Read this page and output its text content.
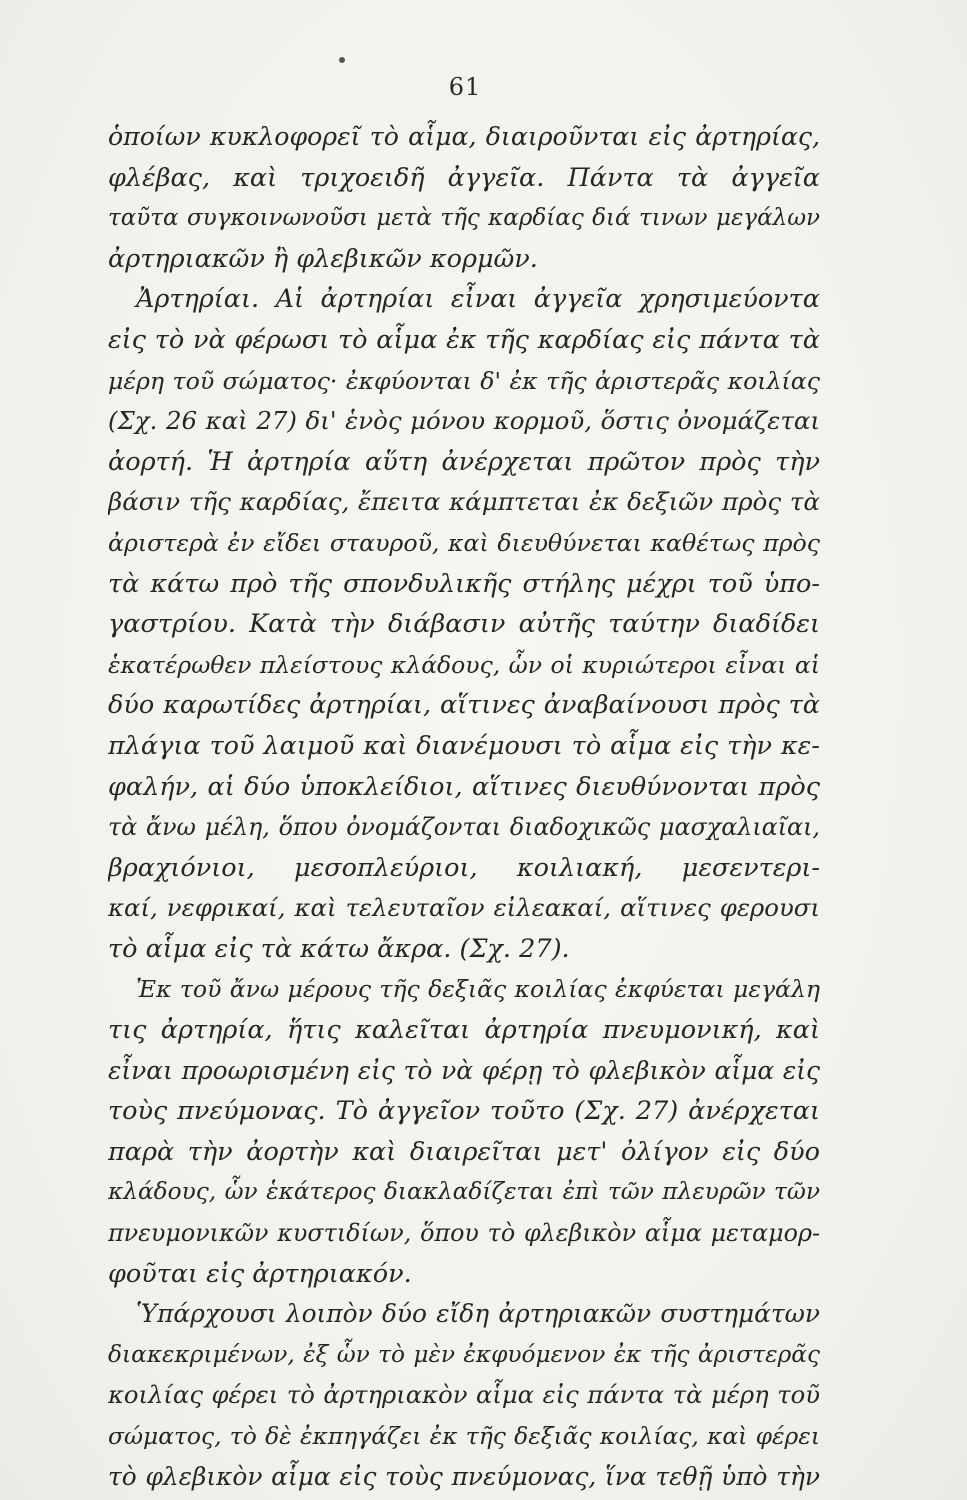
61
ὁποίων κυκλοφορεῖ τὸ αἷμα, διαιροῦνται εἰς ἀρτηρίας,
φλέβας, καὶ τριχοειδῆ ἀγγεῖα. Πάντα τὰ ἀγγεῖα
ταῦτα συγκοινωνοῦσι μετὰ τῆς καρδίας διά τινων μεγάλων
ἀρτηριακῶν ἢ φλεβικῶν κορμῶν.
Ἀρτηρίαι. Αἱ ἀρτηρίαι εἶναι ἀγγεῖα χρησιμεύοντα
εἰς τὸ νὰ φέρωσι τὸ αἷμα ἐκ τῆς καρδίας εἰς πάντα τὰ
μέρη τοῦ σώματος· ἐκφύονται δ' ἐκ τῆς ἀριστερᾶς κοιλίας
(Σχ. 26 καὶ 27) δι' ἑνὸς μόνου κορμοῦ, ὅστις ὀνομάζεται
ἀορτή. Ἡ ἀρτηρία αὕτη ἀνέρχεται πρῶτον πρὸς τὴν
βάσιν τῆς καρδίας, ἔπειτα κάμπτεται ἐκ δεξιῶν πρὸς τὰ
ἀριστερὰ ἐν εἴδει σταυροῦ, καὶ διευθύνεται καθέτως πρὸς
τὰ κάτω πρὸ τῆς σπονδυλικῆς στήλης μέχρι τοῦ ὑπο-
γαστρίου. Κατὰ τὴν διάβασιν αὐτῆς ταύτην διαδίδει
ἑκατέρωθεν πλείστους κλάδους, ὧν οἱ κυριώτεροι εἶναι αἱ
δύο καρωτίδες ἀρτηρίαι, αἵτινες ἀναβαίνουσι πρὸς τὰ
πλάγια τοῦ λαιμοῦ καὶ διανέμουσι τὸ αἷμα εἰς τὴν κε-
φαλήν, αἱ δύο ὑποκλείδιοι, αἵτινες διευθύνονται πρὸς
τὰ ἄνω μέλη, ὅπου ὀνομάζονται διαδοχικῶς μασχαλιαῖαι,
βραχιόνιοι, μεσοπλεύριοι, κοιλιακή, μεσεντερι-
καί, νεφρικαί, καὶ τελευταῖον εἰλεακαί, αἵτινες φερουσι
τὸ αἷμα εἰς τὰ κάτω ἄκρα. (Σχ. 27).
Ἐκ τοῦ ἄνω μέρους τῆς δεξιᾶς κοιλίας ἐκφύεται μεγάλη
τις ἀρτηρία, ἥτις καλεῖται ἀρτηρία πνευμονική, καὶ
εἶναι προωρισμένη εἰς τὸ νὰ φέρῃ τὸ φλεβικὸν αἷμα εἰς
τοὺς πνεύμονας. Τὸ ἀγγεῖον τοῦτο (Σχ. 27) ἀνέρχεται
παρὰ τὴν ἀορτὴν καὶ διαιρεῖται μετ' ὀλίγον εἰς δύο
κλάδους, ὧν ἑκάτερος διακλαδίζεται ἐπὶ τῶν πλευρῶν τῶν
πνευμονικῶν κυστιδίων, ὅπου τὸ φλεβικὸν αἷμα μεταμορ-
φοῦται εἰς ἀρτηριακόν.
Ὑπάρχουσι λοιπὸν δύο εἴδη ἀρτηριακῶν συστημάτων
διακεκριμένων, ἐξ ὧν τὸ μὲν ἐκφυόμενον ἐκ τῆς ἀριστερᾶς
κοιλίας φέρει τὸ ἀρτηριακὸν αἷμα εἰς πάντα τὰ μέρη τοῦ
σώματος, τὸ δὲ ἐκπηγάζει ἐκ τῆς δεξιᾶς κοιλίας, καὶ φέρει
τὸ φλεβικὸν αἷμα εἰς τοὺς πνεύμονας, ἵνα τεθῇ ὑπὸ τὴν
